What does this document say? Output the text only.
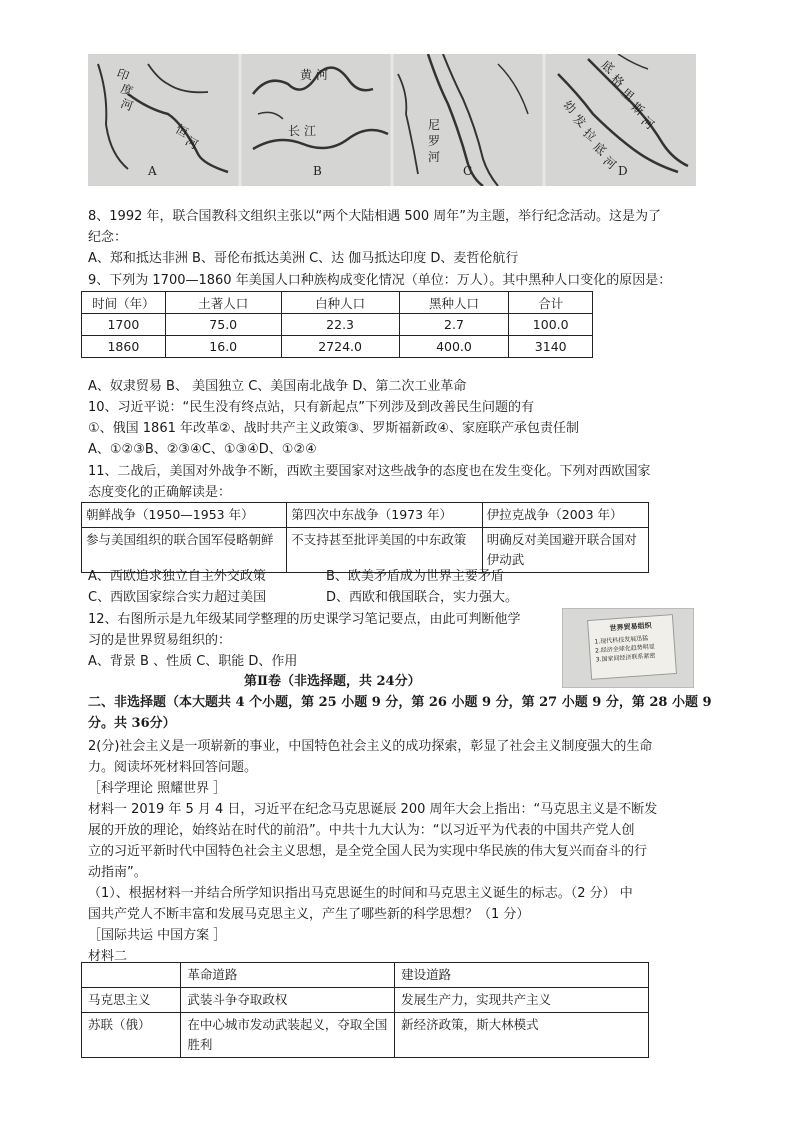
印
度
河
恒
河
黄 河
长 江	尼
罗
河
底
格
里
斯
河
幼
发
拉
底
河
A	B	C	D
8、1992 年，联合国教科文组织主张以“两个大陆相遇 500 周年”为主题，举行纪念活动。这是为了
纪念：
A、郑和抵达非洲 B、哥伦布抵达美洲 C、达 伽马抵达印度 D、麦哲伦航行
9、下列为 1700—1860 年美国人口种族构成变化情况（单位：万人）。其中黑种人口变化的原因是：
时间（年）	土著人口	白种人口	黑种人口	合计
1700	75.0	22.3	2.7	100.0
1860	16.0	2724.0	400.0	3140
A、奴隶贸易 B、 美国独立 C、美国南北战争 D、第二次工业革命
10、习近平说：“民生没有终点站，只有新起点”下列涉及到改善民生问题的有
①、俄国 1861 年改革②、战时共产主义政策③、罗斯福新政④、家庭联产承包责任制
A、①②③B、②③④C、①③④D、①②④
11、二战后，美国对外战争不断，西欧主要国家对这些战争的态度也在发生变化。下列对西欧国家
态度变化的正确解读是：
朝鲜战争（1950—1953 年）	第四次中东战争（1973 年）	伊拉克战争（2003 年）
参与美国组织的联合国军侵略朝鲜	不支持甚至批评美国的中东政策	明确反对美国避开联合国对伊动武
A、西欧追求独立自主外交政策	B、欧美矛盾成为世界主要矛盾
C、西欧国家综合实力超过美国	D、西欧和俄国联合，实力强大。
12、右图所示是九年级某同学整理的历史课学习笔记要点，由此可判断他学
习的是世界贸易组织的：
A、背景 B 、性质 C、职能 D、作用
世界贸易组织
1.现代科技发展迅猛
2.经济全球化趋势明显
3.国家间经济联系紧密
第Ⅱ卷（非选择题，共 24分）
二、非选择题（本大题共 4 个小题，第 25 小题 9 分，第 26 小题 9 分，第 27 小题 9 分，第 28 小题 9
分。共 36分）
2(分)社会主义是一项崭新的事业，中国特色社会主义的成功探索，彰显了社会主义制度强大的生命
力。阅读坏死材料回答问题。
［科学理论 照耀世界 ］
材料一 2019 年 5 月 4 日，习近平在纪念马克思诞辰 200 周年大会上指出：“马克思主义是不断发
展的开放的理论，始终站在时代的前沿”。中共十九大认为：“以习近平为代表的中国共产党人创
立的习近平新时代中国特色社会主义思想，是全党全国人民为实现中华民族的伟大复兴而奋斗的行
动指南”。
（1）、根据材料一并结合所学知识指出马克思诞生的时间和马克思主义诞生的标志。（2 分） 中
国共产党人不断丰富和发展马克思主义，产生了哪些新的科学思想？（1 分）
［国际共运 中国方案 ］
材料二
	革命道路	建设道路
马克思主义	武装斗争夺取政权	发展生产力，实现共产主义
苏联（俄）	在中心城市发动武装起义，夺取全国胜利	新经济政策，斯大林模式
